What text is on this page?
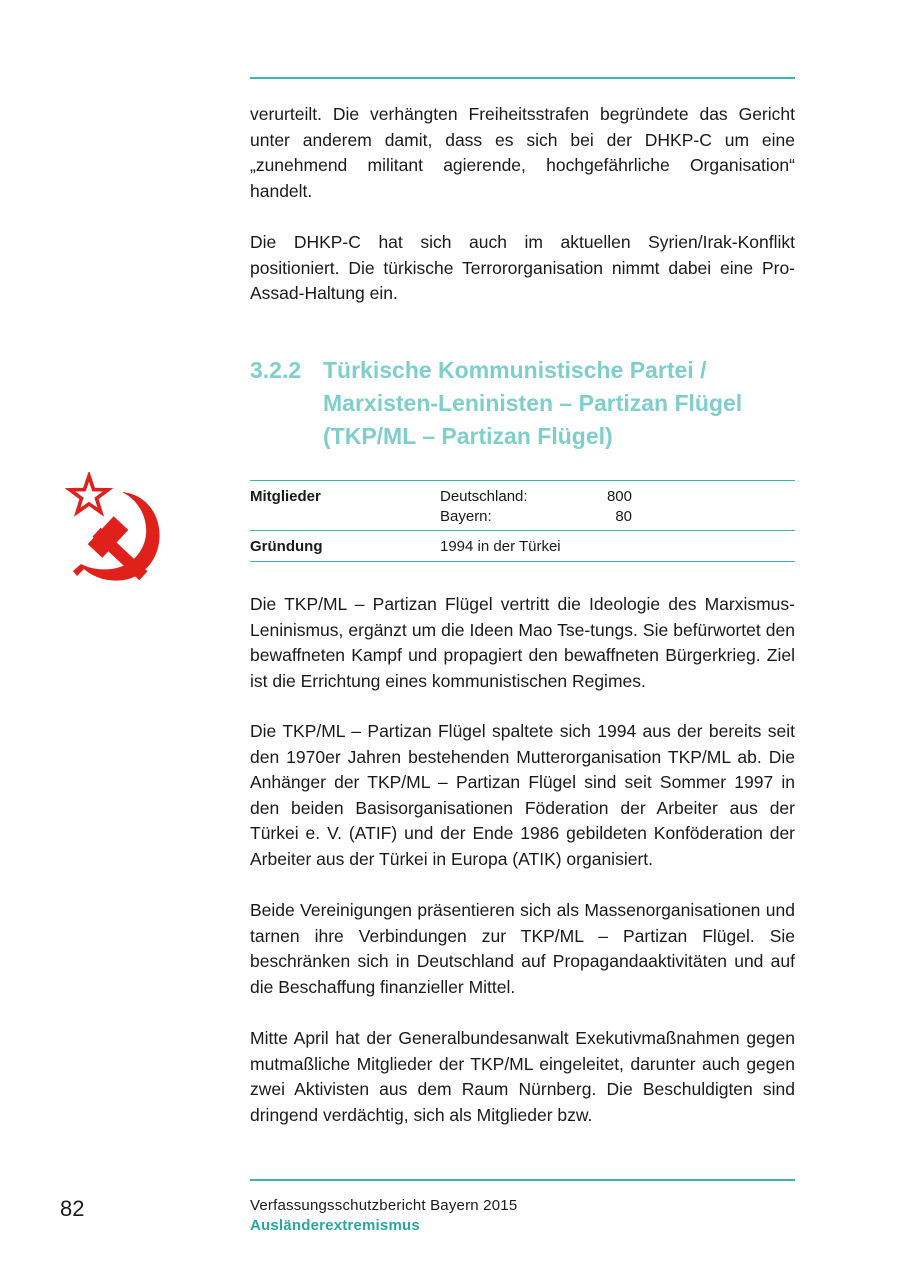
verurteilt. Die verhängten Freiheitsstrafen begründete das Gericht unter anderem damit, dass es sich bei der DHKP-C um eine „zunehmend militant agierende, hochgefährliche Organisation“ handelt.

Die DHKP-C hat sich auch im aktuellen Syrien/Irak-Konflikt positioniert. Die türkische Terrororganisation nimmt dabei eine Pro-Assad-Haltung ein.

3.2.2 Türkische Kommunistische Partei / Marxisten-Leninisten – Partizan Flügel (TKP/ML – Partizan Flügel)
Mitglieder	Deutschland:	800
Bayern:	80
Gründung	1994 in der Türkei

Die TKP/ML – Partizan Flügel vertritt die Ideologie des Marxismus-Leninismus, ergänzt um die Ideen Mao Tse-tungs. Sie befürwortet den bewaffneten Kampf und propagiert den bewaffneten Bürgerkrieg. Ziel ist die Errichtung eines kommunistischen Regimes.

Die TKP/ML – Partizan Flügel spaltete sich 1994 aus der bereits seit den 1970er Jahren bestehenden Mutterorganisation TKP/ML ab. Die Anhänger der TKP/ML – Partizan Flügel sind seit Sommer 1997 in den beiden Basisorganisationen Föderation der Arbeiter aus der Türkei e. V. (ATIF) und der Ende 1986 gebildeten Konföderation der Arbeiter aus der Türkei in Europa (ATIK) organisiert.

Beide Vereinigungen präsentieren sich als Massenorganisationen und tarnen ihre Verbindungen zur TKP/ML – Partizan Flügel. Sie beschränken sich in Deutschland auf Propagandaaktivitäten und auf die Beschaffung finanzieller Mittel.

Mitte April hat der Generalbundesanwalt Exekutivmaßnahmen gegen mutmaßliche Mitglieder der TKP/ML eingeleitet, darunter auch gegen zwei Aktivisten aus dem Raum Nürnberg. Die Beschuldigten sind dringend verdächtig, sich als Mitglieder bzw.

82	Verfassungsschutzbericht Bayern 2015
Ausländerextremismus
